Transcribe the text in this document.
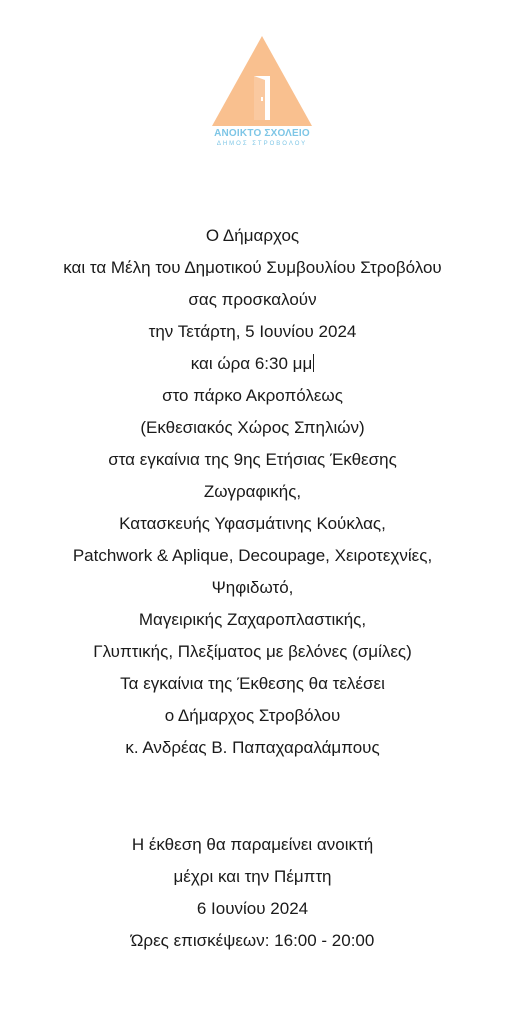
ΑΝΟΙΚΤΟ ΣΧΟΛΕΙΟ
ΔΗΜΟΣ ΣΤΡΟΒΟΛΟΥ
Ο Δήμαρχος
και τα Μέλη του Δημοτικού Συμβουλίου Στροβόλου
σας προσκαλούν
την Τετάρτη, 5 Ιουνίου 2024
και ώρα 6:30 μμ
στο πάρκο Ακροπόλεως
(Εκθεσιακός Χώρος Σπηλιών)
στα εγκαίνια της 9ης Ετήσιας Έκθεσης
Ζωγραφικής,
Κατασκευής Υφασμάτινης Κούκλας,
Patchwork & Aplique, Decoupage, Χειροτεχνίες,
Ψηφιδωτό,
Μαγειρικής Ζαχαροπλαστικής,
Γλυπτικής, Πλεξίματος με βελόνες (σμίλες)
Τα εγκαίνια της Έκθεσης θα τελέσει
ο Δήμαρχος Στροβόλου
κ. Ανδρέας Β. Παπαχαραλάμπους
Η έκθεση θα παραμείνει ανοικτή
μέχρι και την Πέμπτη
6 Ιουνίου 2024
Ώρες επισκέψεων: 16:00 - 20:00
